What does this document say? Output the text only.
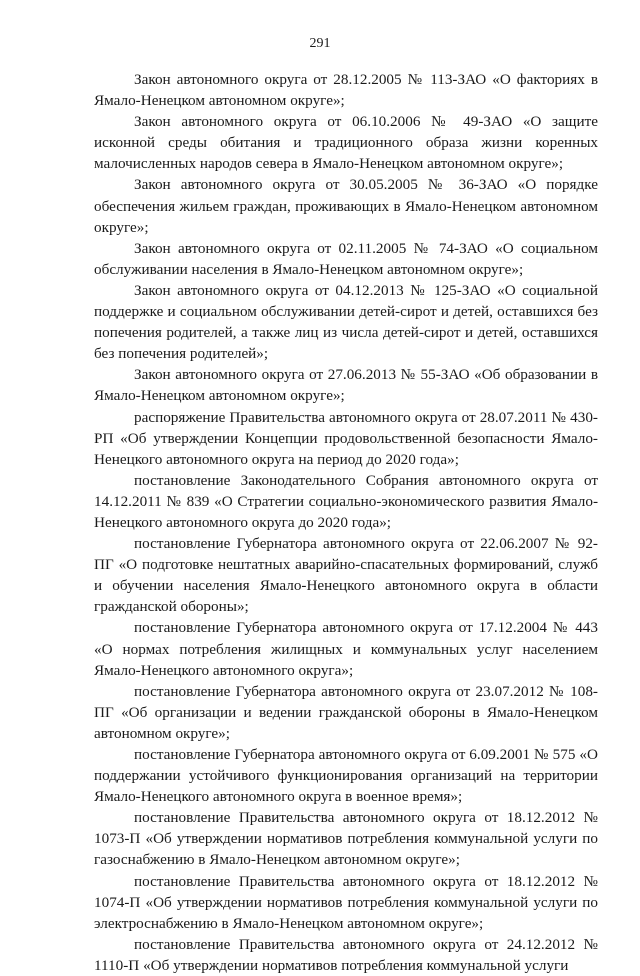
291

Закон автономного округа от 28.12.2005 № 113-ЗАО «О факториях в Ямало-Ненецком автономном округе»;

Закон автономного округа от 06.10.2006 № 49-ЗАО «О защите исконной среды обитания и традиционного образа жизни коренных малочисленных народов севера в Ямало-Ненецком автономном округе»;

Закон автономного округа от 30.05.2005 № 36-ЗАО «О порядке обеспечения жильем граждан, проживающих в Ямало-Ненецком автономном округе»;

Закон автономного округа от 02.11.2005 № 74-ЗАО «О социальном обслуживании населения в Ямало-Ненецком автономном округе»;

Закон автономного округа от 04.12.2013 № 125-ЗАО «О социальной поддержке и социальном обслуживании детей-сирот и детей, оставшихся без попечения родителей, а также лиц из числа детей-сирот и детей, оставшихся без попечения родителей»;

Закон автономного округа от 27.06.2013 № 55-ЗАО «Об образовании в Ямало-Ненецком автономном округе»;

распоряжение Правительства автономного округа от 28.07.2011 № 430-РП «Об утверждении Концепции продовольственной безопасности Ямало-Ненецкого автономного округа на период до 2020 года»;

постановление Законодательного Собрания автономного округа от 14.12.2011 № 839 «О Стратегии социально-экономического развития Ямало-Ненецкого автономного округа до 2020 года»;

постановление Губернатора автономного округа от 22.06.2007 № 92-ПГ «О подготовке нештатных аварийно-спасательных формирований, служб и обучении населения Ямало-Ненецкого автономного округа в области гражданской обороны»;

постановление Губернатора автономного округа от 17.12.2004 № 443 «О нормах потребления жилищных и коммунальных услуг населением Ямало-Ненецкого автономного округа»;

постановление Губернатора автономного округа от 23.07.2012 № 108-ПГ «Об организации и ведении гражданской обороны в Ямало-Ненецком автономном округе»;

постановление Губернатора автономного округа от 6.09.2001 № 575 «О поддержании устойчивого функционирования организаций на территории Ямало-Ненецкого автономного округа в военное время»;

постановление Правительства автономного округа от 18.12.2012 № 1073-П «Об утверждении нормативов потребления коммунальной услуги по газоснабжению в Ямало-Ненецком автономном округе»;

постановление Правительства автономного округа от 18.12.2012 № 1074-П «Об утверждении нормативов потребления коммунальной услуги по электроснабжению в Ямало-Ненецком автономном округе»;

постановление Правительства автономного округа от 24.12.2012 № 1110-П «Об утверждении нормативов потребления коммунальной услуги
